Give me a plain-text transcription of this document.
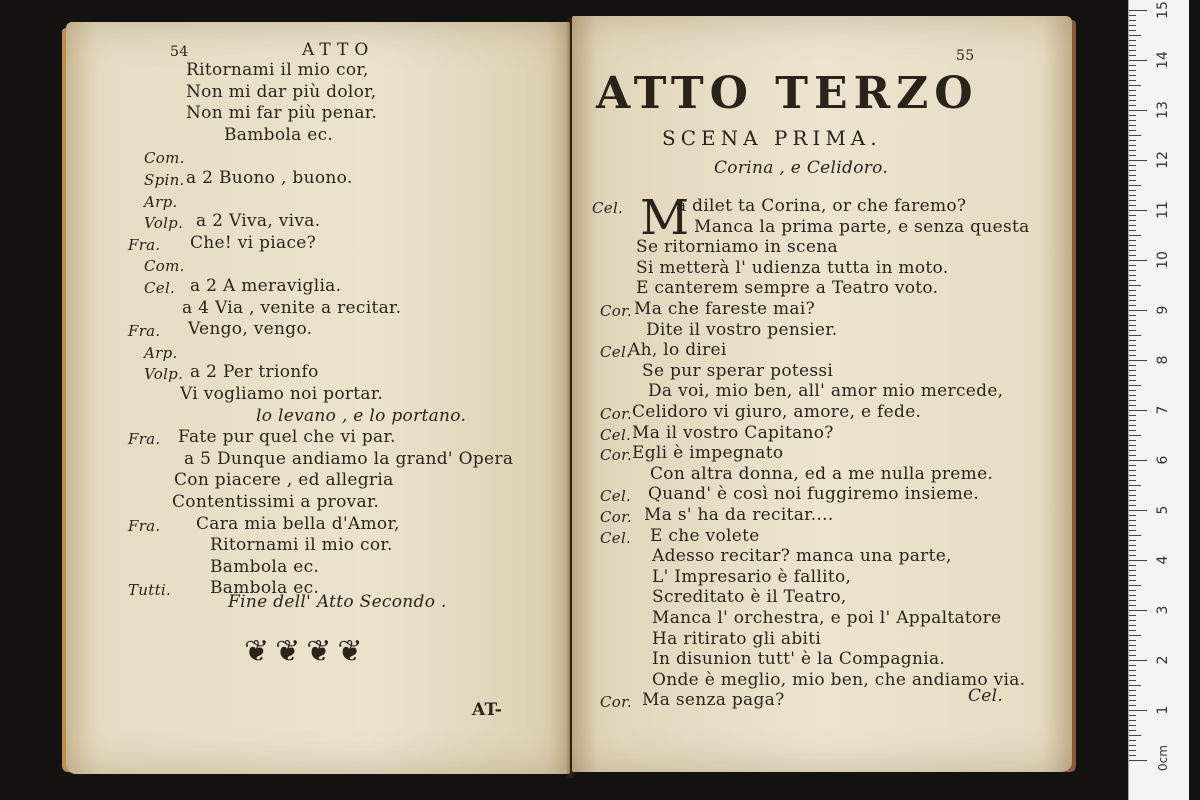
54	ATTO
Ritornami il mio cor,
Non mi dar più dolor,
Non mi far più penar.
Bambola ec.
Com.
Spin. a 2 Buono , buono.
Arp.
Volp. a 2 Viva, viva.
Fra. Che! vi piace?
Com.
Cel. a 2 A meraviglia.
a 4 Via , venite a recitar.
Fra. Vengo, vengo.
Arp.
Volp. a 2 Per trionfo
Vi vogliamo noi portar.
lo levano , e lo portano.
Fra. Fate pur quel che vi par.
a 5 Dunque andiamo la grand' Opera
Con piacere , ed allegria
Contentissimi a provar.
Fra. Cara mia bella d'Amor,
Ritornami il mio cor.
Bambola ec.
Tutti. Bambola ec.
Fine dell' Atto Secondo .
❦❦❦❦
AT-
55
ATTO TERZO
SCENA PRIMA.
Corina , e Celidoro.
M
Cel.	a dilet ta Corina, or che faremo?
Manca la prima parte, e senza questa
Se ritorniamo in scena
Si metterà l' udienza tutta in moto.
E canterem sempre a Teatro voto.
Cor. Ma che fareste mai?
Dite il vostro pensier.
Cel.
Ah, lo direi
Se pur sperar potessi
Da voi, mio ben, all' amor mio mercede,
Cor. Celidoro vi giuro, amore, e fede.
Cel. Ma il vostro Capitano?
Cor. Egli è impegnato
Con altra donna, ed a me nulla preme.
Cel. Quand' è così noi fuggiremo insieme.
Cor. Ma s' ha da recitar....
Cel. E che volete
Adesso recitar? manca una parte,
L' Impresario è fallito,
Screditato è il Teatro,
Manca l' orchestra, e poi l' Appaltatore
Ha ritirato gli abiti
In disunion tutt' è la Compagnia.
Onde è meglio, mio ben, che andiamo via.
Cor. Ma senza paga?	Cel.
1
2
3
4
5
6
7
8
9
10
11
12
13
14
15
0cm
